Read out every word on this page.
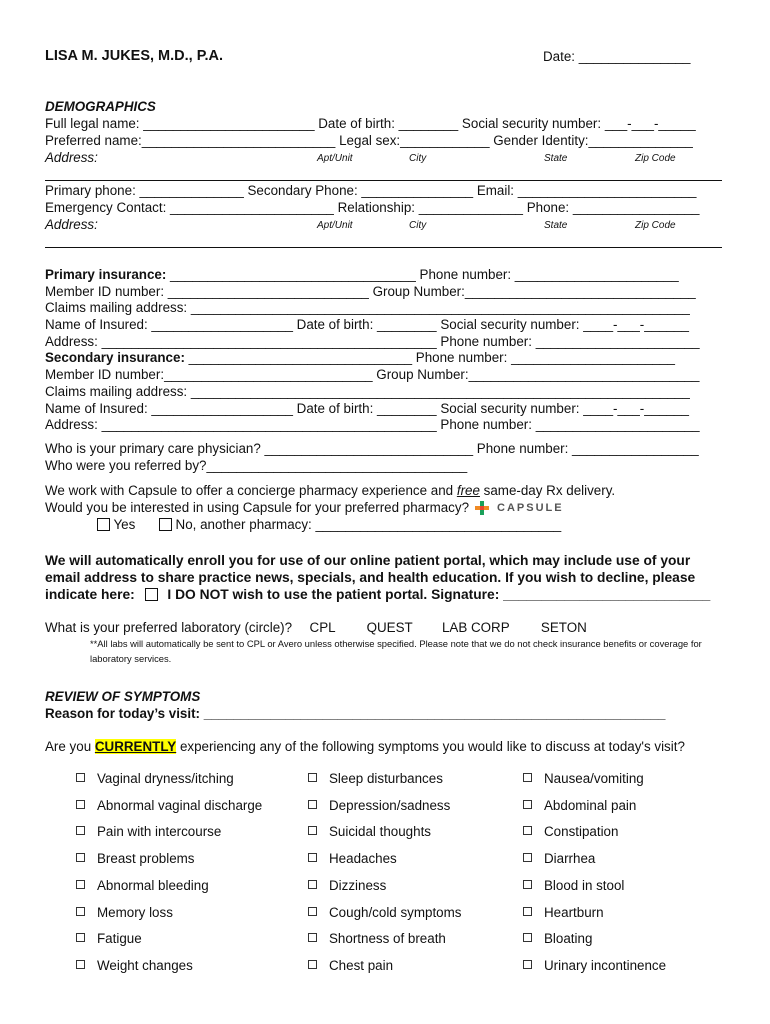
LISA M. JUKES, M.D., P.A.	Date: _______________
DEMOGRAPHICS
Full legal name: _______________________ Date of birth: ________ Social security number: ___-___-_____
Preferred name:__________________________ Legal sex:____________ Gender Identity:______________
Address:	Apt/Unit	City	State	Zip Code
Primary phone: ______________ Secondary Phone: _______________ Email: ________________________
Emergency Contact: ______________________ Relationship: ______________ Phone: _________________
Address:	Apt/Unit	City	State	Zip Code
Primary insurance: _________________________________ Phone number: ______________________
Member ID number: ___________________________ Group Number:_______________________________
Claims mailing address: ___________________________________________________________________
Name of Insured: ___________________ Date of birth: ________ Social security number: ____-___-______
Address: _____________________________________________ Phone number: ______________________
Secondary insurance: ______________________________ Phone number: ______________________
Member ID number:____________________________ Group Number:_______________________________
Claims mailing address: ___________________________________________________________________
Name of Insured: ___________________ Date of birth: ________ Social security number: ____-___-______
Address: _____________________________________________ Phone number: ______________________
Who is your primary care physician? ____________________________ Phone number: _________________
Who were you referred by?___________________________________
We work with Capsule to offer a concierge pharmacy experience and free same-day Rx delivery.
Would you be interested in using Capsule for your preferred pharmacy?	CAPSULE
Yes	No, another pharmacy: _________________________________
We will automatically enroll you for use of our online patient portal, which may include use of your
email address to share practice news, specials, and health education. If you wish to decline, please
indicate here: I DO NOT wish to use the patient portal. Signature: ___________________________
What is your preferred laboratory (circle)? CPL QUEST LAB CORP SETON
**All labs will automatically be sent to CPL or Avero unless otherwise specified. Please note that we do not check insurance benefits or coverage for laboratory services.
REVIEW OF SYMPTOMS
Reason for today’s visit: ______________________________________________________________
Are you CURRENTLY experiencing any of the following symptoms you would like to discuss at today's visit?
Vaginal dryness/itching
Abnormal vaginal discharge
Pain with intercourse
Breast problems
Abnormal bleeding
Memory loss
Fatigue
Weight changes
Sleep disturbances
Depression/sadness
Suicidal thoughts
Headaches
Dizziness
Cough/cold symptoms
Shortness of breath
Chest pain
Nausea/vomiting
Abdominal pain
Constipation
Diarrhea
Blood in stool
Heartburn
Bloating
Urinary incontinence
